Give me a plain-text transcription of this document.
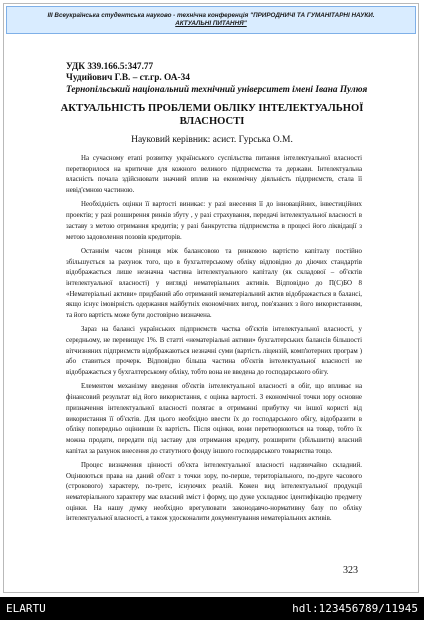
III Всеукраїнська студентська науково - технічна конференція "ПРИРОДНИЧІ ТА ГУМАНІТАРНІ НАУКИ.
АКТУАЛЬНІ ПИТАННЯ"
УДК 339.166.5:347.77
Чудийович Г.В. – ст.гр. ОА-34
Тернопільський національний технічний університет імені Івана Пулюя
АКТУАЛЬНІСТЬ ПРОБЛЕМИ ОБЛІКУ ІНТЕЛЕКТУАЛЬНОЇ
ВЛАСНОСТІ
Науковий керівник: асист. Гурська О.М.

На сучасному етапі розвитку українського суспільства питання інтелектуальної власності перетворилося на критичне для кожного великого підприємства та держави. Інтелектуальна власність почала здійснювати значний вплив на економічну діяльність підприємств, стала її невід'ємною частиною.

Необхідність оцінки її вартості виникає: у разі внесення її до інноваційних, інвестиційних проектів; у разі розширення ринків збуту , у разі страхування, передачі інтелектуальної власності в заставу з метою отримання кредитів; у разі банкрутства підприємства в процесі його ліквідації з метою задоволення позовів кредиторів.

Останнім часом різниця між балансовою та ринковою вартістю капіталу постійно збільшується за рахунок того, що в бухгалтерському обліку відповідно до діючих стандартів відображається лише незначна частина інтелектуального капіталу (як складової – об'єктів інтелектуальної власності) у вигляді нематеріальних активів. Відповідно до П(С)БО 8 «Нематеріальні активи» придбаний або отриманий нематеріальний актив відображається в балансі, якщо існує імовірність одержання майбутніх економічних вигод, пов'язаних з його використанням, та його вартість може бути достовірно визначена.

Зараз на балансі українських підприємств частка об'єктів інтелектуальної власності, у середньому, не перевищує 1%. В статті «нематеріальні активи» бухгалтерських балансів більшості вітчизняних підприємств відображаються незначні суми (вартість ліцензій, комп'ютерних програм ) або ставиться прочерк. Відповідно більша частина об'єктів інтелектуальної власності не відображається у бухгалтерському обліку, тобто вона не введена до господарського обігу.

Елементом механізму введення об'єктів інтелектуальної власності в обіг, що впливає на фінансовий результат від його використання, є оцінка вартості. З економічної точки зору основне призначення інтелектуальної власності полягає в отриманні прибутку чи іншої користі від використання її об'єктів. Для цього необхідно ввести їх до господарського обігу, відобразити в обліку попередньо оцінивши їх вартість. Після оцінки, вони перетворюються на товар, тобто їх можна продати, передати під заставу для отримання кредиту, розширити (збільшити) власний капітал за рахунок внесення до статутного фонду іншого господарського товариства тощо.

Процес визначення цінності об'єкта інтелектуальної власності надзвичайно складний. Оцінюються права на даний об'єкт з точки зору, по-перше, територіального, по-друге часового (строкового) характеру, по-третє, існуючих реалій. Кожен вид інтелектуальної продукції нематеріального характеру має власний зміст і форму, що дуже ускладнює ідентифікацію предмету оцінки. На нашу думку необхідно врегулювати законодавчо-нормативну базу по обліку інтелектуальної власності, а також удосконалити документування нематеріальних активів.

323
ELARTU	hdl:123456789/11945
